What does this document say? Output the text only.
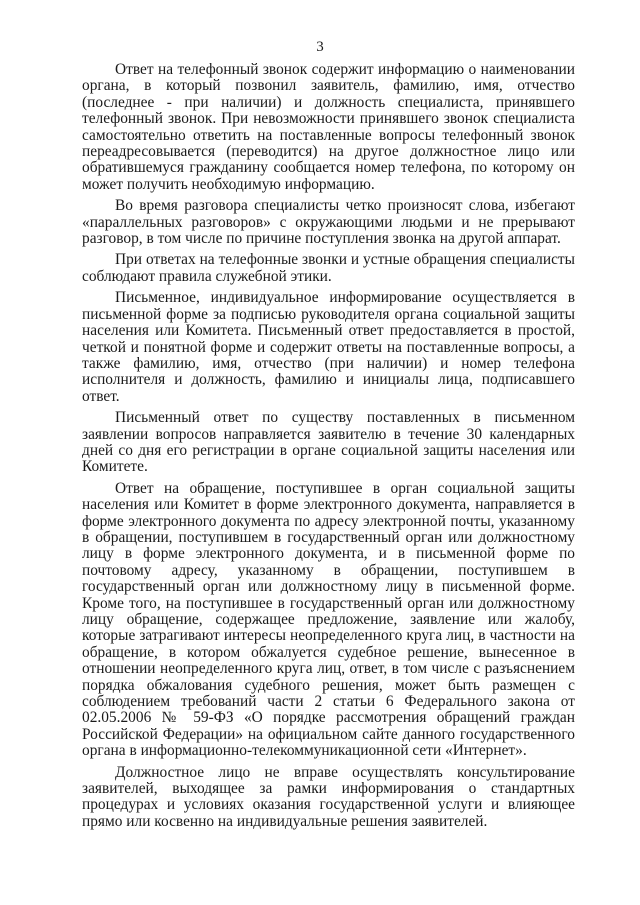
3

Ответ на телефонный звонок содержит информацию о наименовании органа, в который позвонил заявитель, фамилию, имя, отчество (последнее - при наличии) и должность специалиста, принявшего телефонный звонок. При невозможности принявшего звонок специалиста самостоятельно ответить на поставленные вопросы телефонный звонок переадресовывается (переводится) на другое должностное лицо или обратившемуся гражданину сообщается номер телефона, по которому он может получить необходимую информацию.

Во время разговора специалисты четко произносят слова, избегают «параллельных разговоров» с окружающими людьми и не прерывают разговор, в том числе по причине поступления звонка на другой аппарат.

При ответах на телефонные звонки и устные обращения специалисты соблюдают правила служебной этики.

Письменное, индивидуальное информирование осуществляется в письменной форме за подписью руководителя органа социальной защиты населения или Комитета. Письменный ответ предоставляется в простой, четкой и понятной форме и содержит ответы на поставленные вопросы, а также фамилию, имя, отчество (при наличии) и номер телефона исполнителя и должность, фамилию и инициалы лица, подписавшего ответ.

Письменный ответ по существу поставленных в письменном заявлении вопросов направляется заявителю в течение 30 календарных дней со дня его регистрации в органе социальной защиты населения или Комитете.

Ответ на обращение, поступившее в орган социальной защиты населения или Комитет в форме электронного документа, направляется в форме электронного документа по адресу электронной почты, указанному в обращении, поступившем в государственный орган или должностному лицу в форме электронного документа, и в письменной форме по почтовому адресу, указанному в обращении, поступившем в государственный орган или должностному лицу в письменной форме. Кроме того, на поступившее в государственный орган или должностному лицу обращение, содержащее предложение, заявление или жалобу, которые затрагивают интересы неопределенного круга лиц, в частности на обращение, в котором обжалуется судебное решение, вынесенное в отношении неопределенного круга лиц, ответ, в том числе с разъяснением порядка обжалования судебного решения, может быть размещен с соблюдением требований части 2 статьи 6 Федерального закона от 02.05.2006 № 59-ФЗ «О порядке рассмотрения обращений граждан Российской Федерации» на официальном сайте данного государственного органа в информационно-телекоммуникационной сети «Интернет».

Должностное лицо не вправе осуществлять консультирование заявителей, выходящее за рамки информирования о стандартных процедурах и условиях оказания государственной услуги и влияющее прямо или косвенно на индивидуальные решения заявителей.
